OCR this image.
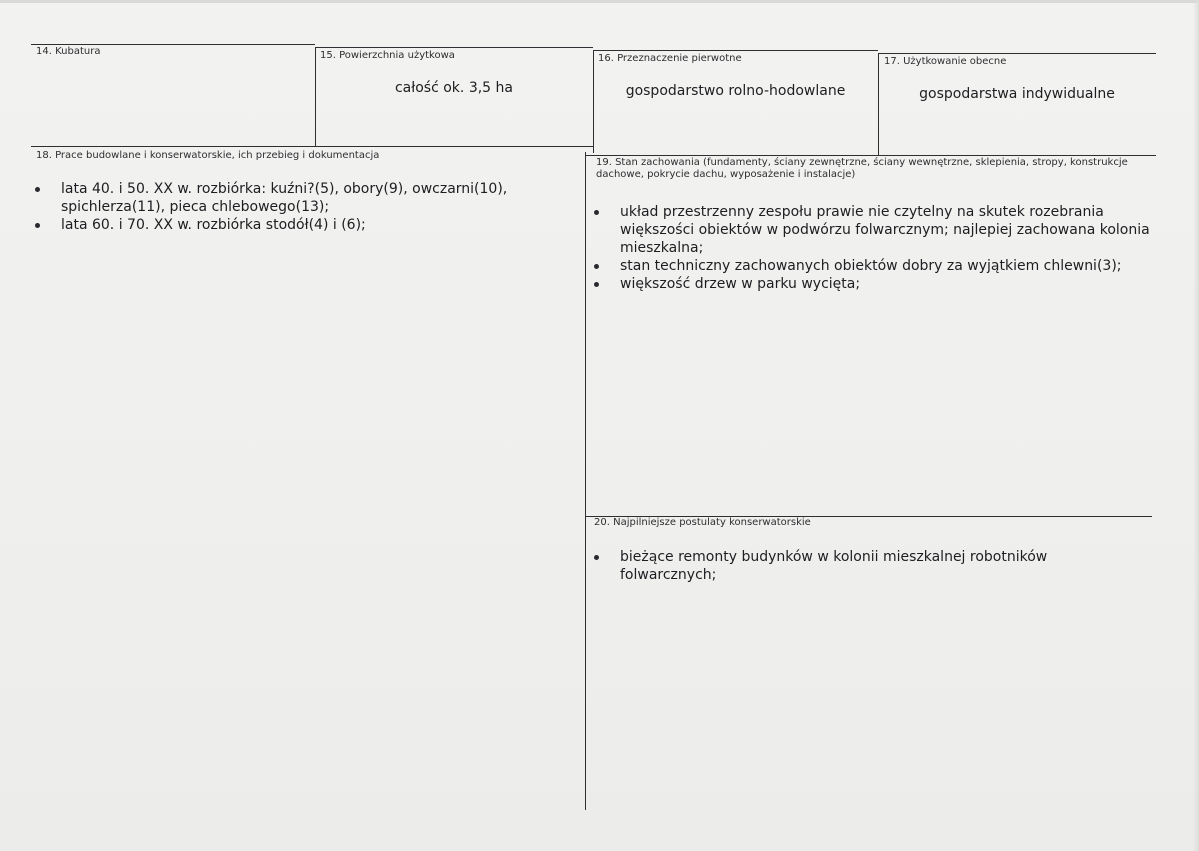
14. Kubatura	15. Powierzchnia użytkowa
całość ok. 3,5 ha
16. Przeznaczenie pierwotne
gospodarstwo rolno-hodowlane
17. Użytkowanie obecne
gospodarstwa indywidualne
18. Prace budowlane i konserwatorskie, ich przebieg i dokumentacja
lata 40. i 50. XX w. rozbiórka: kuźni?(5), obory(9), owczarni(10), spichlerza(11), pieca chlebowego(13);
lata 60. i 70. XX w. rozbiórka stodół(4) i (6);
19. Stan zachowania (fundamenty, ściany zewnętrzne, ściany wewnętrzne, sklepienia, stropy, konstrukcje dachowe, pokrycie dachu, wyposażenie i instalacje)
układ przestrzenny zespołu prawie nie czytelny na skutek rozebrania większości obiektów w podwórzu folwarcznym; najlepiej zachowana kolonia mieszkalna;
stan techniczny zachowanych obiektów dobry za wyjątkiem chlewni(3);
większość drzew w parku wycięta;
20. Najpilniejsze postulaty konserwatorskie
bieżące remonty budynków w kolonii mieszkalnej robotników folwarcznych;
